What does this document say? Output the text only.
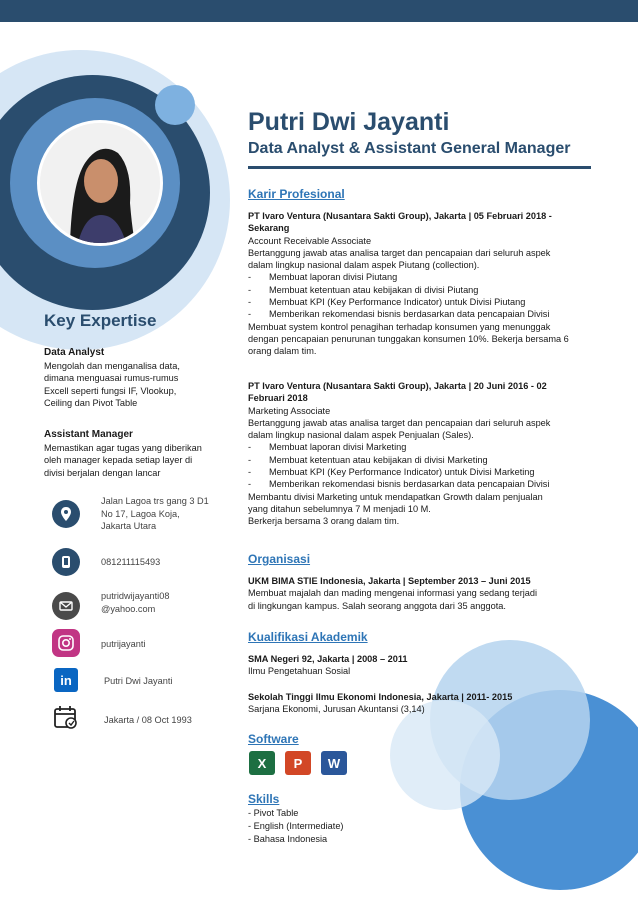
Putri Dwi Jayanti
Data Analyst & Assistant General Manager
Key Expertise
Data Analyst
Mengolah dan menganalisa data,
dimana menguasai rumus-rumus
Excell seperti fungsi IF, Vlookup,
Ceiling dan Pivot Table
Assistant Manager
Memastikan agar tugas yang diberikan
oleh manager kepada setiap layer di
divisi berjalan dengan lancar
Jalan Lagoa trs gang 3 D1
No 17, Lagoa Koja,
Jakarta Utara
081211115493
putridwijayanti08
@yahoo.com
putrijayanti
in	Putri Dwi Jayanti
Jakarta / 08 Oct 1993
Karir Profesional
PT Ivaro Ventura (Nusantara Sakti Group), Jakarta | 05 Februari 2018 -
Sekarang
Account Receivable Associate
Bertanggung jawab atas analisa target dan pencapaian dari seluruh aspek
dalam lingkup nasional dalam aspek Piutang (collection).
-	Membuat laporan divisi Piutang
-	Membuat ketentuan atau kebijakan di divisi Piutang
-	Membuat KPI (Key Performance Indicator) untuk Divisi Piutang
-	Memberikan rekomendasi bisnis berdasarkan data pencapaian Divisi
Membuat system kontrol penagihan terhadap konsumen yang menunggak
dengan pencapaian penurunan tunggakan konsumen 10%. Bekerja bersama 6
orang dalam tim.
PT Ivaro Ventura (Nusantara Sakti Group), Jakarta | 20 Juni 2016 - 02
Februari 2018
Marketing Associate
Bertanggung jawab atas analisa target dan pencapaian dari seluruh aspek
dalam lingkup nasional dalam aspek Penjualan (Sales).
-	Membuat laporan divisi Marketing
-	Membuat ketentuan atau kebijakan di divisi Marketing
-	Membuat KPI (Key Performance Indicator) untuk Divisi Marketing
-	Memberikan rekomendasi bisnis berdasarkan data pencapaian Divisi
Membantu divisi Marketing untuk mendapatkan Growth dalam penjualan
yang ditahun sebelumnya 7 M menjadi 10 M.
Berkerja bersama 3 orang dalam tim.
Organisasi
UKM BIMA STIE Indonesia, Jakarta | September 2013 – Juni 2015
Membuat majalah dan mading mengenai informasi yang sedang terjadi
di lingkungan kampus. Salah seorang anggota dari 35 anggota.
Kualifikasi Akademik
SMA Negeri 92, Jakarta | 2008 – 2011
Ilmu Pengetahuan Sosial
Sekolah Tinggi Ilmu Ekonomi Indonesia, Jakarta | 2011- 2015
Sarjana Ekonomi, Jurusan Akuntansi (3,14)
Software
X	P	W
Skills
- Pivot Table
- English (Intermediate)
- Bahasa Indonesia
